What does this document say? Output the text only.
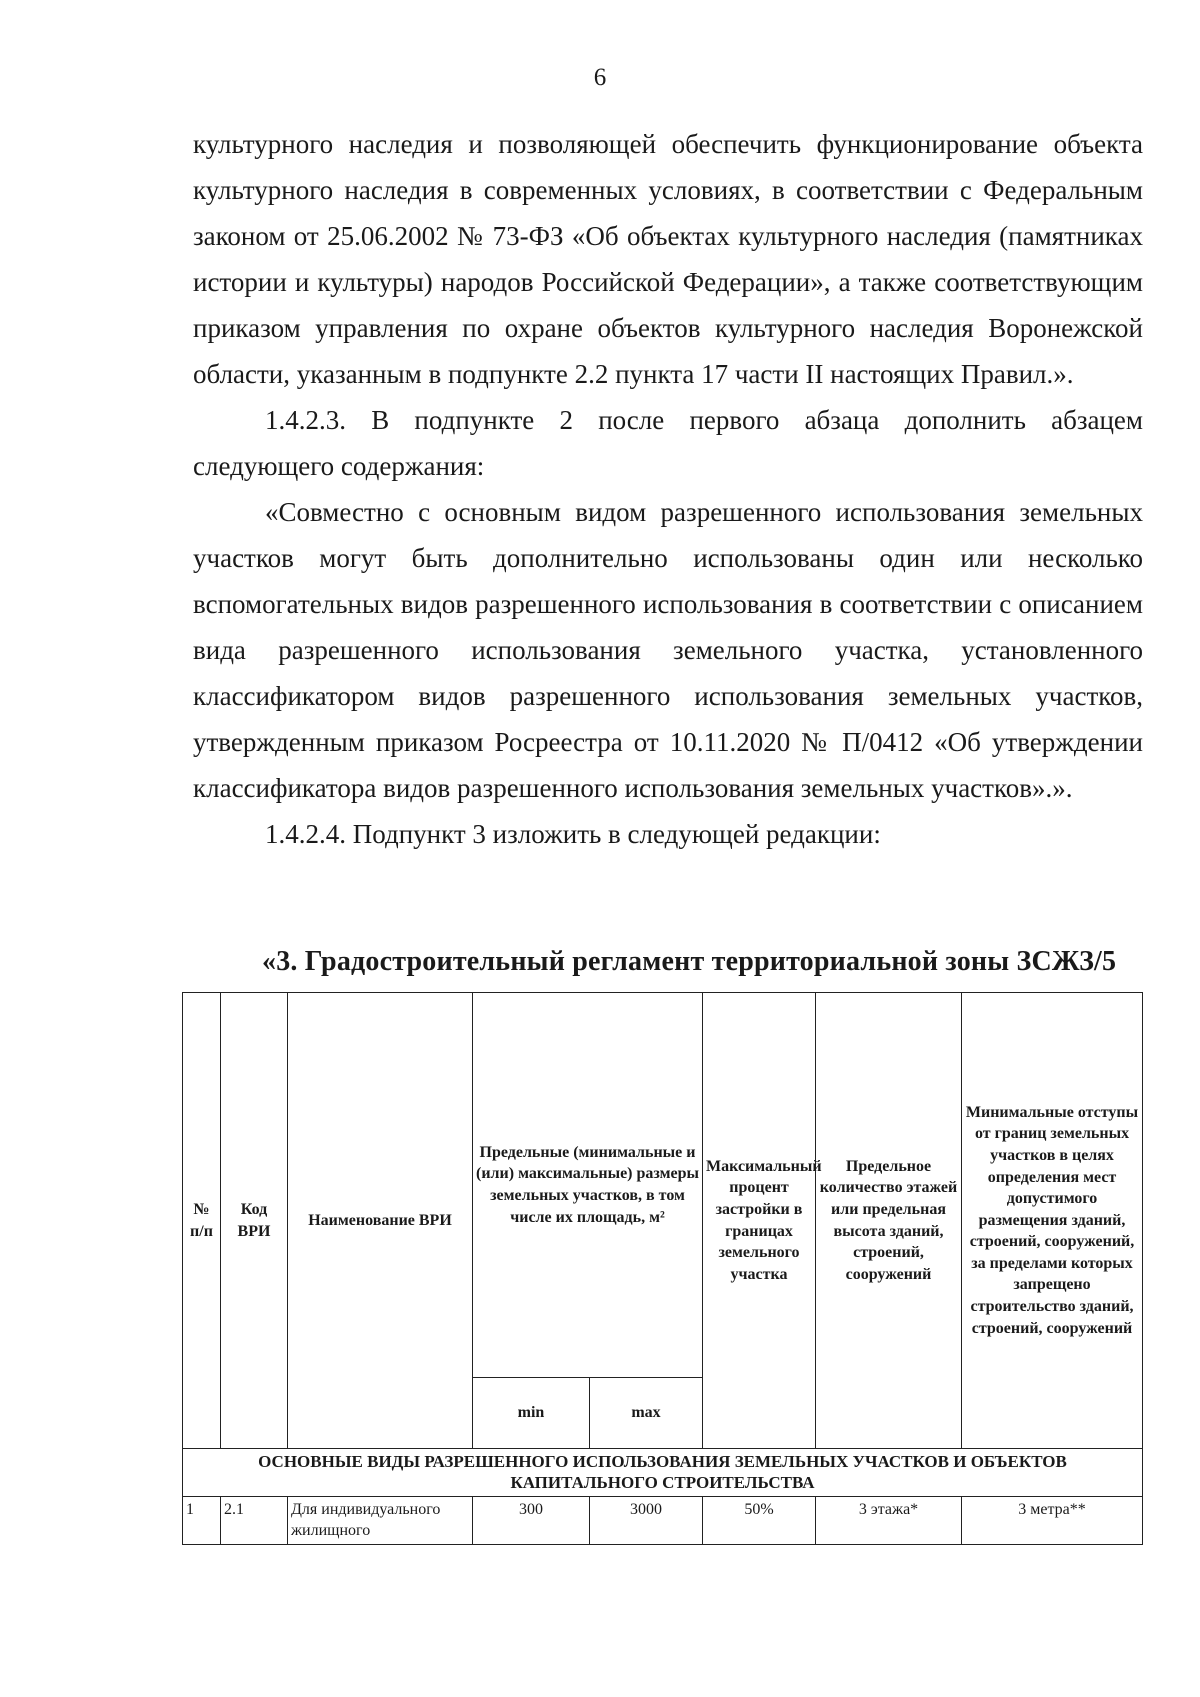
6

культурного наследия и позволяющей обеспечить функционирование объекта культурного наследия в современных условиях, в соответствии с Федеральным законом от 25.06.2002 № 73-ФЗ «Об объектах культурного наследия (памятниках истории и культуры) народов Российской Федерации», а также соответствующим приказом управления по охране объектов культурного наследия Воронежской области, указанным в подпункте 2.2 пункта 17 части II настоящих Правил.».

1.4.2.3. В подпункте 2 после первого абзаца дополнить абзацем следующего содержания:

«Совместно с основным видом разрешенного использования земельных участков могут быть дополнительно использованы один или несколько вспомогательных видов разрешенного использования в соответствии с описанием вида разрешенного использования земельного участка, установленного классификатором видов разрешенного использования земельных участков, утвержденным приказом Росреестра от 10.11.2020 № П/0412 «Об утверждении классификатора видов разрешенного использования земельных участков».».

1.4.2.4. Подпункт 3 изложить в следующей редакции:

«3. Градостроительный регламент территориальной зоны ЗСЖЗ/5
№ п/п	Код ВРИ	Наименование ВРИ	Предельные (минимальные и (или) максимальные) размеры земельных участков, в том числе их площадь, м²		Максимальный процент застройки в границах земельного участка	Предельное количество этажей или предельная высота зданий, строений, сооружений	Минимальные отступы от границ земельных участков в целях определения мест допустимого размещения зданий, строений, сооружений, за пределами которых запрещено строительство зданий, строений, сооружений
			min	max			
ОСНОВНЫЕ ВИДЫ РАЗРЕШЕННОГО ИСПОЛЬЗОВАНИЯ ЗЕМЕЛЬНЫХ УЧАСТКОВ И ОБЪЕКТОВ КАПИТАЛЬНОГО СТРОИТЕЛЬСТВА							
1	2.1	Для индивидуального жилищного	300	3000	50%	3 этажа*	3 метра**
